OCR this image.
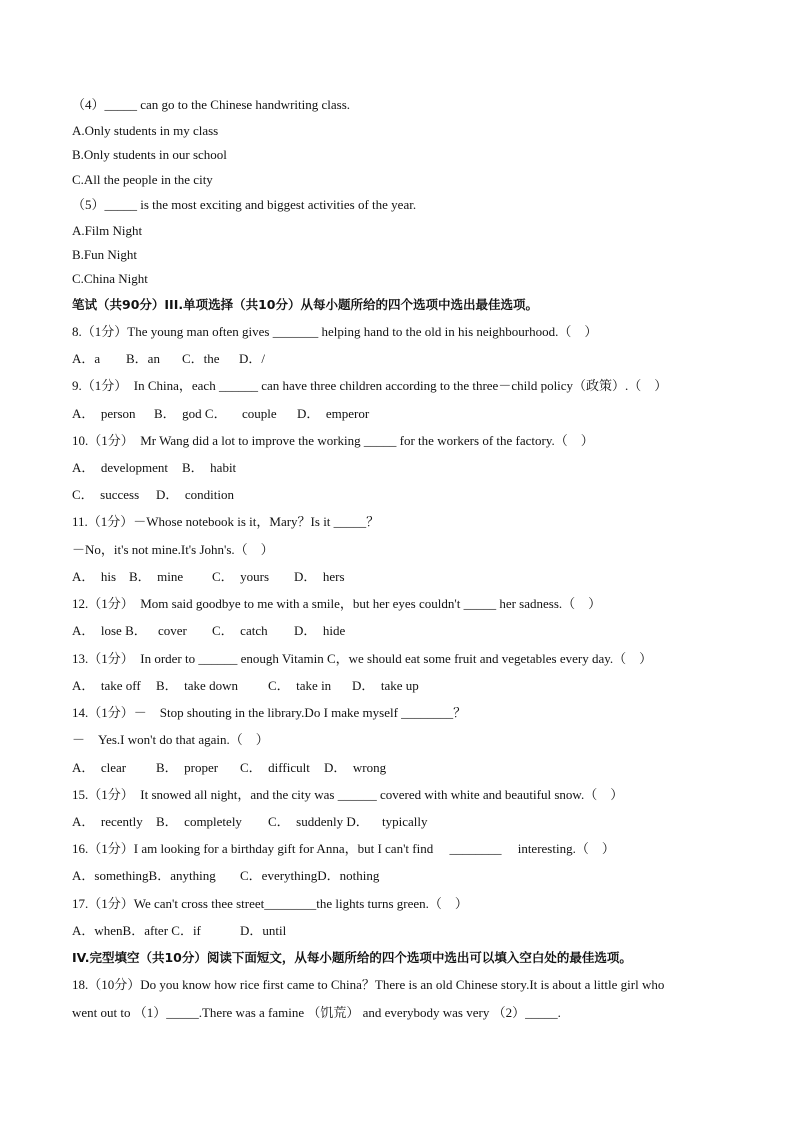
（4）_____ can go to the Chinese handwriting class.
A.Only students in my class
B.Only students in our school
C.All the people in the city
（5）_____ is the most exciting and biggest activities of the year.
A.Film Night
B.Fun Night
C.China Night
笔试（共90分）III.单项选择（共10分）从每小题所给的四个选项中选出最佳选项。
8.（1分）The young man often gives _______ helping hand to the old in his neighbourhood.（　）
A．a B．an C．the D．/
9.（1分）　In China，each ______ can have three children according to the three－child policy（政策）.（　）
A．　person B．　god C． couple D．　emperor
10.（1分）　Mr Wang did a lot to improve the working _____ for the workers of the factory.（　）
A．　development B．　habit
C．　success D．　condition
11.（1分）－Whose notebook is it，Mary？Is it _____？
－No，it's not mine.It's John's.（　）
A．　his B．　mine C．　yours D．　hers
12.（1分）　Mom said goodbye to me with a smile，but her eyes couldn't _____ her sadness.（　）
A．　lose B． cover C．　catch D．　hide
13.（1分）　In order to ______ enough Vitamin C，we should eat some fruit and vegetables every day.（　）
A．　take off B．　take down C．　take in D．　take up
14.（1分）－　Stop shouting in the library.Do I make myself ________？
－　Yes.I won't do that again.（　）
A．　clear B．　proper C．　difficult D．　wrong
15.（1分）　It snowed all night，and the city was ______ covered with white and beautiful snow.（　）
A．　recently B．　completely C．　suddenly D． typically
16.（1分）I am looking for a birthday gift for Anna，but I can't find　 ________　 interesting.（　）
A．somethingB．anything C．everythingD．nothing
17.（1分）We can't cross thee street________the lights turns green.（　）
A．whenB．after C．if	D．until
IV.完型填空（共10分）阅读下面短文，从每小题所给的四个选项中选出可以填入空白处的最佳选项。
18.（10分）Do you know how rice first came to China？There is an old Chinese story.It is about a little girl who
went out to （1）_____.There was a famine （饥荒） and everybody was very （2）_____.
